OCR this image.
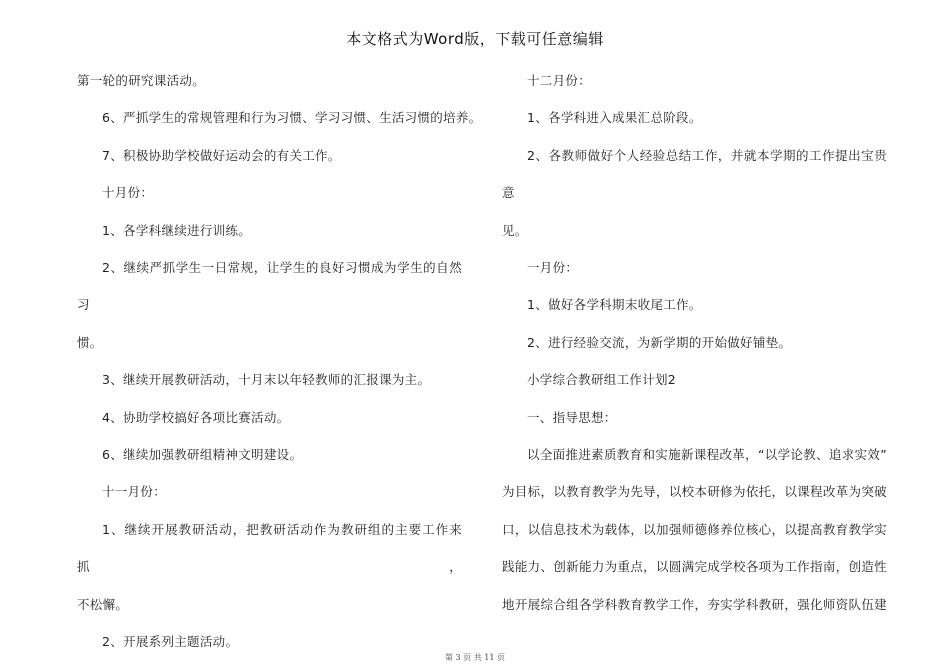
本文格式为Word版，下载可任意编辑

第一轮的研究课活动。

6、严抓学生的常规管理和行为习惯、学习习惯、生活习惯的培养。

7、积极协助学校做好运动会的有关工作。

十月份：

1、各学科继续进行训练。

2、继续严抓学生一日常规，让学生的良好习惯成为学生的自然习

惯。

3、继续开展教研活动，十月末以年轻教师的汇报课为主。

4、协助学校搞好各项比赛活动。

6、继续加强教研组精神文明建设。

十一月份：

1、继续开展教研活动，把教研活动作为教研组的主要工作来抓，

不松懈。

2、开展系列主题活动。

十二月份：

1、各学科进入成果汇总阶段。

2、各教师做好个人经验总结工作，并就本学期的工作提出宝贵意

见。

一月份：

1、做好各学科期末收尾工作。

2、进行经验交流，为新学期的开始做好铺垫。

小学综合教研组工作计划2

一、指导思想：

以全面推进素质教育和实施新课程改革，“以学论教、追求实效”

为目标，以教育教学为先导，以校本研修为依托，以课程改革为突破

口，以信息技术为载体，以加强师德修养位核心，以提高教育教学实

践能力、创新能力为重点，以圆满完成学校各项为工作指南，创造性

地开展综合组各学科教育教学工作，夯实学科教研，强化师资队伍建

第 3 页 共 11 页
